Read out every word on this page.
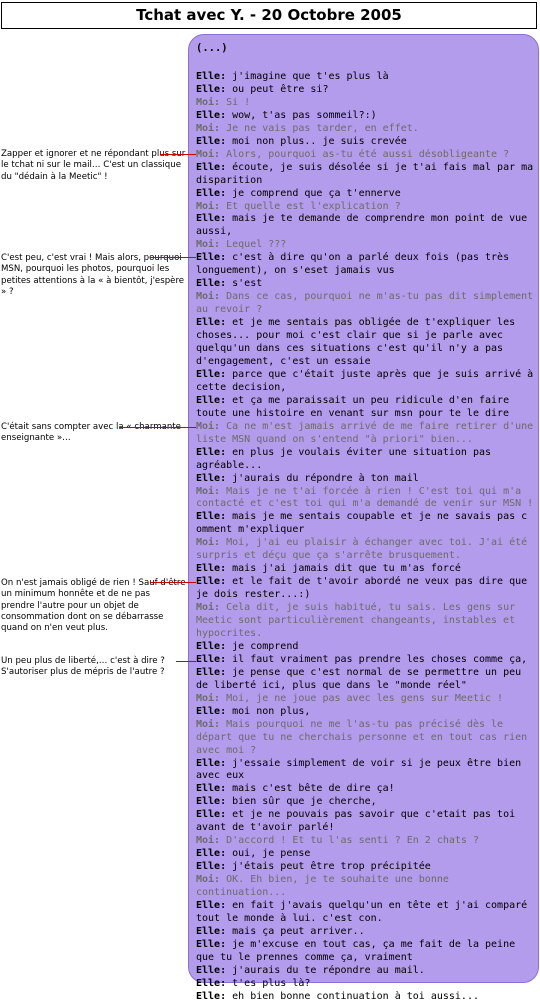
Tchat avec Y. - 20 Octobre 2005
(...)

Elle: j'imagine que t'es plus là

Elle: ou peut être si?

Moi: Si !

Elle: wow, t'as pas sommeil?:)

Moi: Je ne vais pas tarder, en effet.

Elle: moi non plus.. je suis crevée

Moi: Alors, pourquoi as-tu été aussi désobligeante ?

Elle: écoute, je suis désolée si je t'ai fais mal par ma disparition

Elle: je comprend que ça t'ennerve

Moi: Et quelle est l'explication ?

Elle: mais je te demande de comprendre mon point de vue aussi,

Moi: Lequel ???

Elle: c'est à dire qu'on a parlé deux fois (pas très longuement), on s'eset jamais vus

Elle: s'est

Moi: Dans ce cas, pourquoi ne m'as-tu pas dit simplement au revoir ?

Elle: et je me sentais pas obligée de t'expliquer les choses... pour moi c'est clair que si je parle avec quelqu'un dans ces situations c'est qu'il n'y a pas d'engagement, c'est un essaie

Elle: parce que c'était juste après que je suis arrivé à cette decision,

Elle: et ça me paraissait un peu ridicule d'en faire toute une histoire en venant sur msn pour te le dire

Moi: Ca ne m'est jamais arrivé de me faire retirer d'une liste MSN quand on s'entend "à priori" bien...

Elle: en plus je voulais éviter une situation pas agréable...

Elle: j'aurais du répondre à ton mail

Moi: Mais je ne t'ai forcée à rien ! C'est toi qui m'a contacté et c'est toi qui m'a demandé de venir sur MSN !

Elle: mais je me sentais coupable et je ne savais pas c omment m'expliquer

Moi: Moi, j'ai eu plaisir à échanger avec toi. J'ai été surpris et déçu que ça s'arrête brusquement.

Elle: mais j'ai jamais dit que tu m'as forcé

Elle: et le fait de t'avoir abordé ne veux pas dire que je dois rester...:)

Moi: Cela dit, je suis habitué, tu sais. Les gens sur Meetic sont particulièrement changeants, instables et hypocrites.

Elle: je comprend

Elle: il faut vraiment pas prendre les choses comme ça,

Elle: je pense que c'est normal de se permettre un peu de liberté ici, plus que dans le "monde réel"

Moi: Moi, je ne joue pas avec les gens sur Meetic !

Elle: moi non plus,

Moi: Mais pourquoi ne me l'as-tu pas précisé dès le départ que tu ne cherchais personne et en tout cas rien avec moi ?

Elle: j'essaie simplement de voir si je peux être bien avec eux

Elle: mais c'est bête de dire ça!

Elle: bien sûr que je cherche,

Elle: et je ne pouvais pas savoir que c'etait pas toi avant de t'avoir parlé!

Moi: D'accord ! Et tu l'as senti ? En 2 chats ?

Elle: oui, je pense

Elle: j'étais peut être trop précipitée

Moi: OK. Eh bien, je te souhaite une bonne continuation...

Elle: en fait j'avais quelqu'un en tête et j'ai comparé tout le monde à lui. c'est con.

Elle: mais ça peut arriver..

Elle: je m'excuse en tout cas, ça me fait de la peine que tu le prennes comme ça, vraiment

Elle: j'aurais du te répondre au mail.

Elle: t'es plus là?

Elle: eh bien bonne continuation à toi aussi...

Zapper et ignorer et ne répondant plus sur le tchat ni sur le mail… C'est un classique du "dédain à la Meetic" !
C'est peu, c'est vrai ! Mais alors, pourquoi MSN, pourquoi les photos, pourquoi les petites attentions à la « à bientôt, j'espère » ?
C'était sans compter avec la « charmante enseignante »…
On n'est jamais obligé de rien ! Sauf d'être un minimum honnête et de ne pas prendre l'autre pour un objet de consommation dont on se débarrasse quand on n'en veut plus.
Un peu plus de liberté,… c'est à dire ? S'autoriser plus de mépris de l'autre ?
